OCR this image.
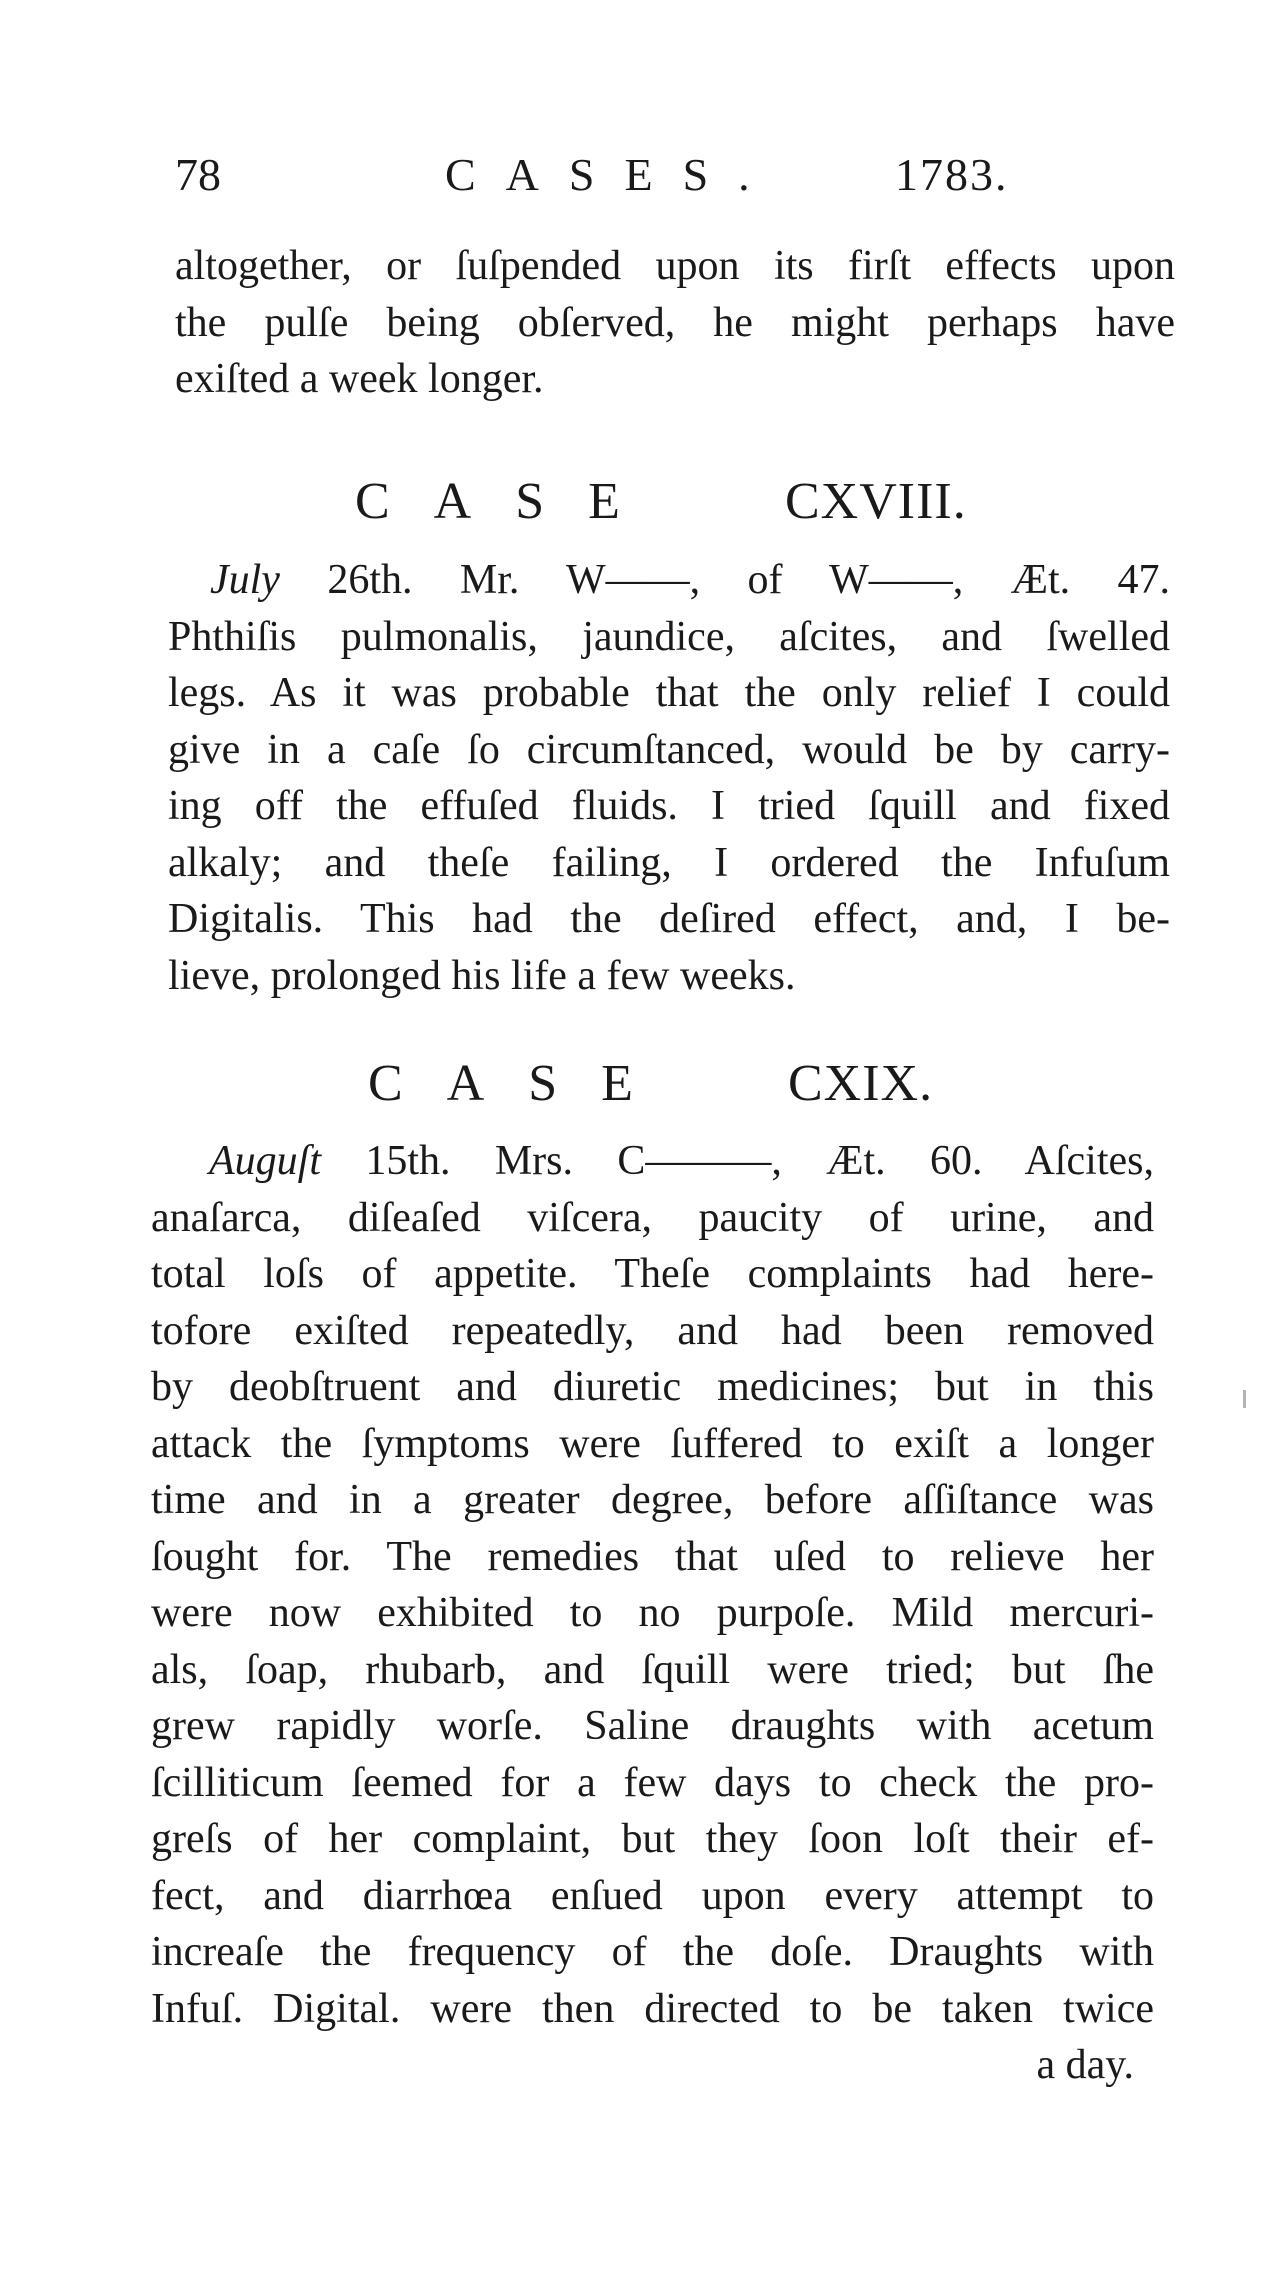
78	CASES.	1783.
altogether, or ſuſpended upon its firſt effects upon
the pulſe being obſerved, he might perhaps have
exiſted a week longer.
CASE CXVIII.
July 26th. Mr. W——, of W——, Æt. 47.
Phthiſis pulmonalis, jaundice, aſcites, and ſwelled
legs. As it was probable that the only relief I could
give in a caſe ſo circumſtanced, would be by carry-
ing off the effuſed fluids. I tried ſquill and fixed
alkaly; and theſe failing, I ordered the Infuſum
Digitalis. This had the deſired effect, and, I be-
lieve, prolonged his life a few weeks.
CASE CXIX.
Auguſt 15th. Mrs. C———, Æt. 60. Aſcites,
anaſarca, diſeaſed viſcera, paucity of urine, and
total loſs of appetite. Theſe complaints had here-
tofore exiſted repeatedly, and had been removed
by deobſtruent and diuretic medicines; but in this
attack the ſymptoms were ſuffered to exiſt a longer
time and in a greater degree, before aſſiſtance was
ſought for. The remedies that uſed to relieve her
were now exhibited to no purpoſe. Mild mercuri-
als, ſoap, rhubarb, and ſquill were tried; but ſhe
grew rapidly worſe. Saline draughts with acetum
ſcilliticum ſeemed for a few days to check the pro-
greſs of her complaint, but they ſoon loſt their ef-
fect, and diarrhœa enſued upon every attempt to
increaſe the frequency of the doſe. Draughts with
Infuſ. Digital. were then directed to be taken twice
a day.
